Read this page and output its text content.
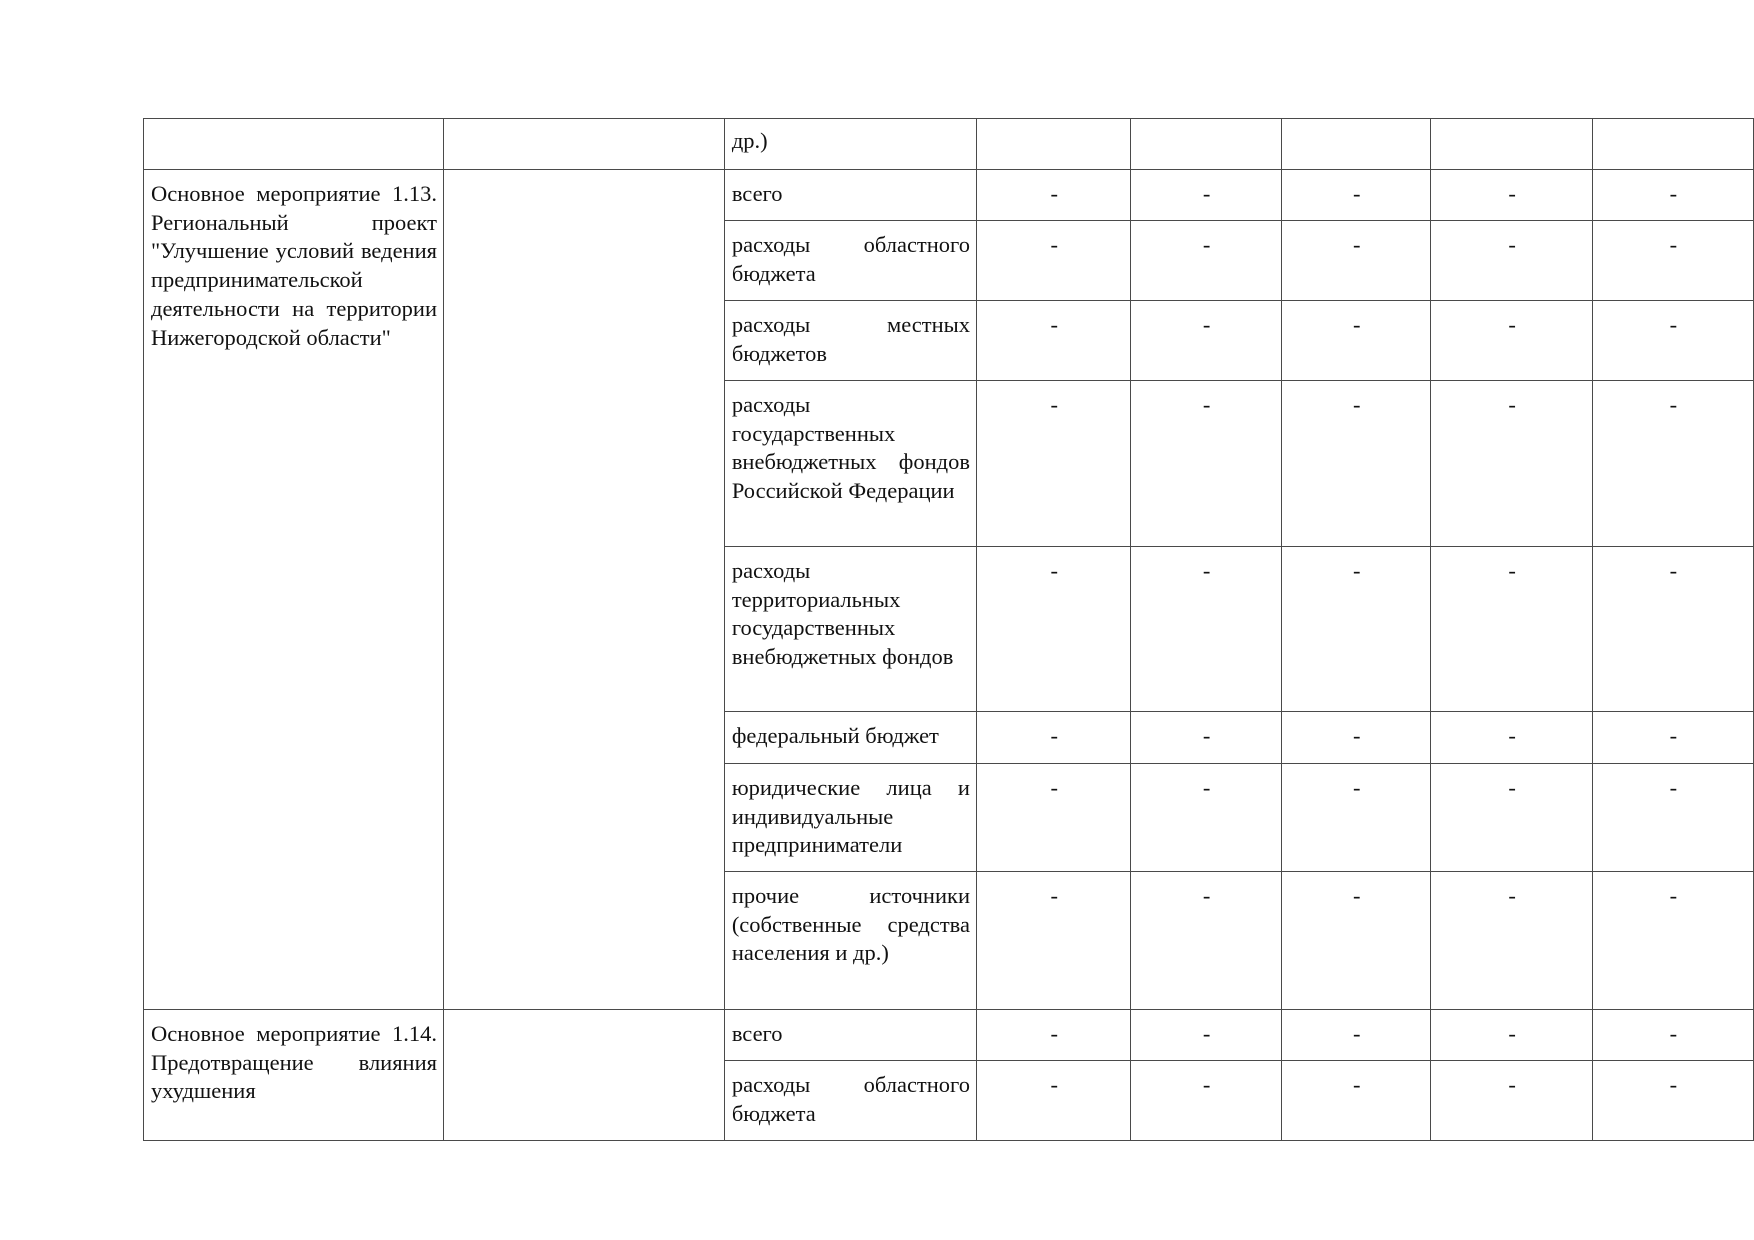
		др.)					
Основное мероприятие 1.13. Региональный проект "Улучшение условий ведения предпринимательской деятельности на территории Нижегородской области"		всего	-	-	-	-	-
		расходы областного бюджета	-	-	-	-	-
		расходы местных бюджетов	-	-	-	-	-
		расходы государственных внебюджетных фондов Российской Федерации	-	-	-	-	-
		расходы территориальных государственных внебюджетных фондов	-	-	-	-	-
		федеральный бюджет	-	-	-	-	-
		юридические лица и индивидуальные предприниматели	-	-	-	-	-
		прочие источники (собственные средства населения и др.)	-	-	-	-	-
Основное мероприятие 1.14. Предотвращение влияния ухудшения		всего	-	-	-	-	-
		расходы областного бюджета	-	-	-	-	-
